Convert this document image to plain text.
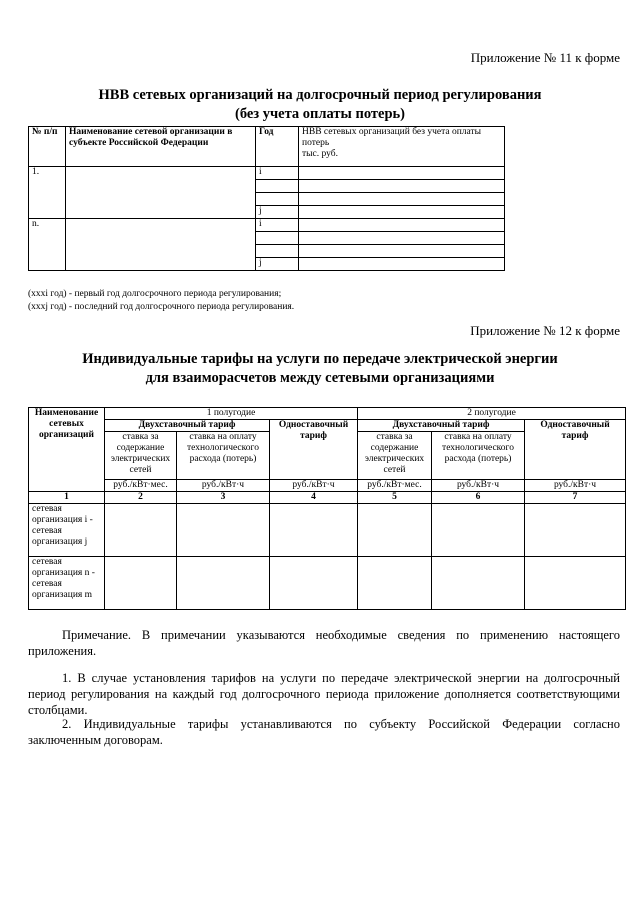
Приложение № 11 к форме
НВВ сетевых организаций на долгосрочный период регулирования
(без учета оплаты потерь)
№ п/п	Наименование сетевой организации в субъекте Российской Федерации	Год	НВВ сетевых организаций без учета оплаты потерь
тыс. руб.

1.		i	

		j	
n.		i	

		j	
(xxxi год) - первый год долгосрочного периода регулирования;
(xxxj год) - последний год долгосрочного периода регулирования.
Приложение № 12 к форме
Индивидуальные тарифы на услуги по передаче электрической энергии
для взаиморасчетов между сетевыми организациями
Наименование сетевых организаций	1 полугодие			2 полугодие		
	Двухставочный тариф		Одноставочный тариф	Двухставочный тариф		Одноставочный тариф
	ставка за содержание электрических сетей	ставка на оплату технологического расхода (потерь)		ставка за содержание электрических сетей	ставка на оплату технологического расхода (потерь)	
	руб./кВт·мес.	руб./кВт·ч	руб./кВт·ч	руб./кВт·мес.	руб./кВт·ч	руб./кВт·ч
1	2	3	4	5	6	7
сетевая организация i - сетевая организация j						
сетевая организация n - сетевая организация m						
Примечание. В примечании указываются необходимые сведения по применению настоящего приложения.
1. В случае установления тарифов на услуги по передаче электрической энергии на долгосрочный период регулирования на каждый год долгосрочного периода приложение дополняется соответствующими столбцами.
2. Индивидуальные тарифы устанавливаются по субъекту Российской Федерации согласно заключенным договорам.
